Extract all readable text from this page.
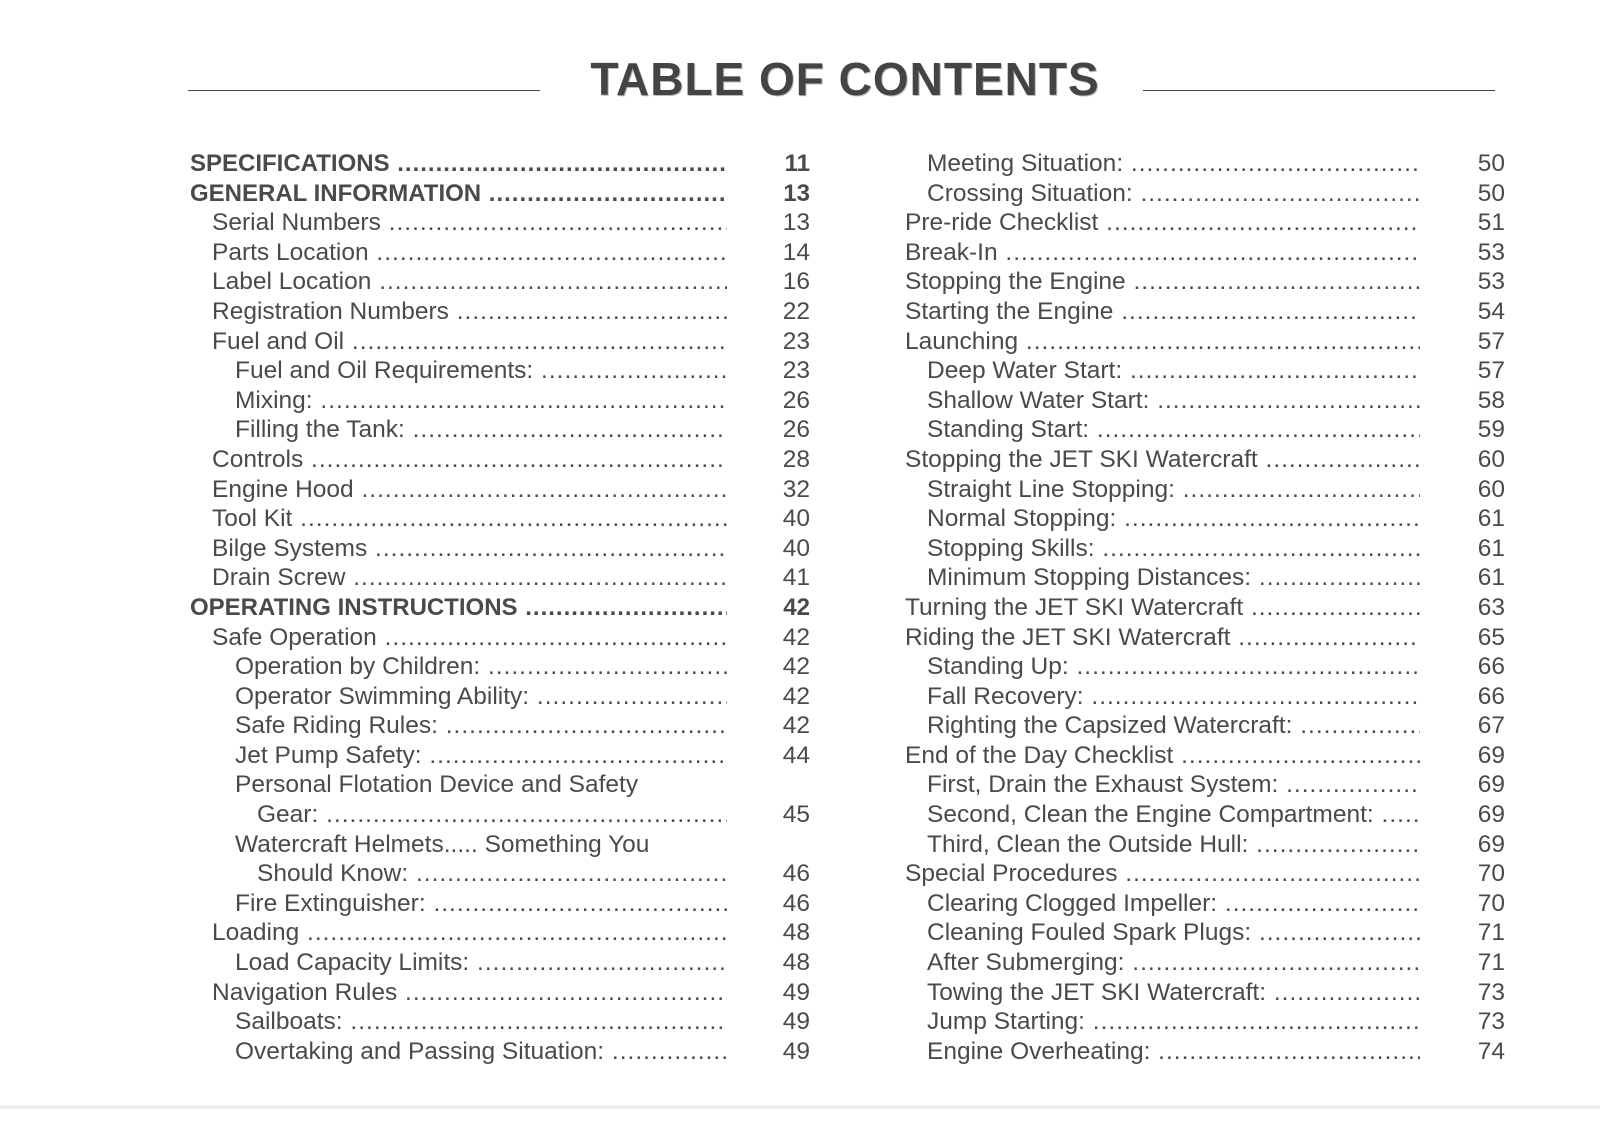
TABLE OF CONTENTS
SPECIFICATIONS .....	11
GENERAL INFORMATION .....	13
Serial Numbers .....	13
Parts Location .....	14
Label Location .....	16
Registration Numbers .....	22
Fuel and Oil .....	23
Fuel and Oil Requirements: .....	23
Mixing: .....	26
Filling the Tank: .....	26
Controls .....	28
Engine Hood .....	32
Tool Kit .....	40
Bilge Systems .....	40
Drain Screw .....	41
OPERATING INSTRUCTIONS .....	42
Safe Operation .....	42
Operation by Children: .....	42
Operator Swimming Ability: .....	42
Safe Riding Rules: .....	42
Jet Pump Safety: .....	44
Personal Flotation Device and Safety
Gear: .....	45
Watercraft Helmets..... Something You
Should Know: .....	46
Fire Extinguisher: .....	46
Loading .....	48
Load Capacity Limits: .....	48
Navigation Rules .....	49
Sailboats: .....	49
Overtaking and Passing Situation: .....	49
Meeting Situation: .....	50
Crossing Situation: .....	50
Pre-ride Checklist .....	51
Break-In .....	53
Stopping the Engine .....	53
Starting the Engine .....	54
Launching .....	57
Deep Water Start: .....	57
Shallow Water Start: .....	58
Standing Start: .....	59
Stopping the JET SKI Watercraft .....	60
Straight Line Stopping: .....	60
Normal Stopping: .....	61
Stopping Skills: .....	61
Minimum Stopping Distances: .....	61
Turning the JET SKI Watercraft .....	63
Riding the JET SKI Watercraft .....	65
Standing Up: .....	66
Fall Recovery: .....	66
Righting the Capsized Watercraft: .....	67
End of the Day Checklist .....	69
First, Drain the Exhaust System: .....	69
Second, Clean the Engine Compartment: .....	69
Third, Clean the Outside Hull: .....	69
Special Procedures .....	70
Clearing Clogged Impeller: .....	70
Cleaning Fouled Spark Plugs: .....	71
After Submerging: .....	71
Towing the JET SKI Watercraft: .....	73
Jump Starting: .....	73
Engine Overheating: .....	74
